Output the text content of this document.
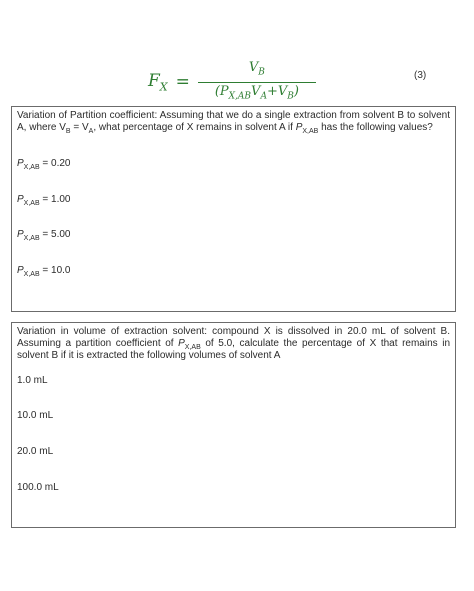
$F_X = \frac{V_B}{(P_{X,AB}V_A+V_B)}$	(3)
Variation of Partition coefficient: Assuming that we do a single extraction from solvent B to solvent A, where $V_B = V_A$, what percentage of X remains in solvent A if $P_{X,AB}$ has the following values?
$P_{X,AB} = 0.20$
$P_{X,AB} = 1.00$
$P_{X,AB} = 5.00$
$P_{X,AB} = 10.0$
Variation in volume of extraction solvent: compound X is dissolved in 20.0 mL of solvent B. Assuming a partition coefficient of $P_{X,AB}$ of 5.0, calculate the percentage of X that remains in solvent B if it is extracted the following volumes of solvent A
1.0 mL
10.0 mL
20.0 mL
100.0 mL
